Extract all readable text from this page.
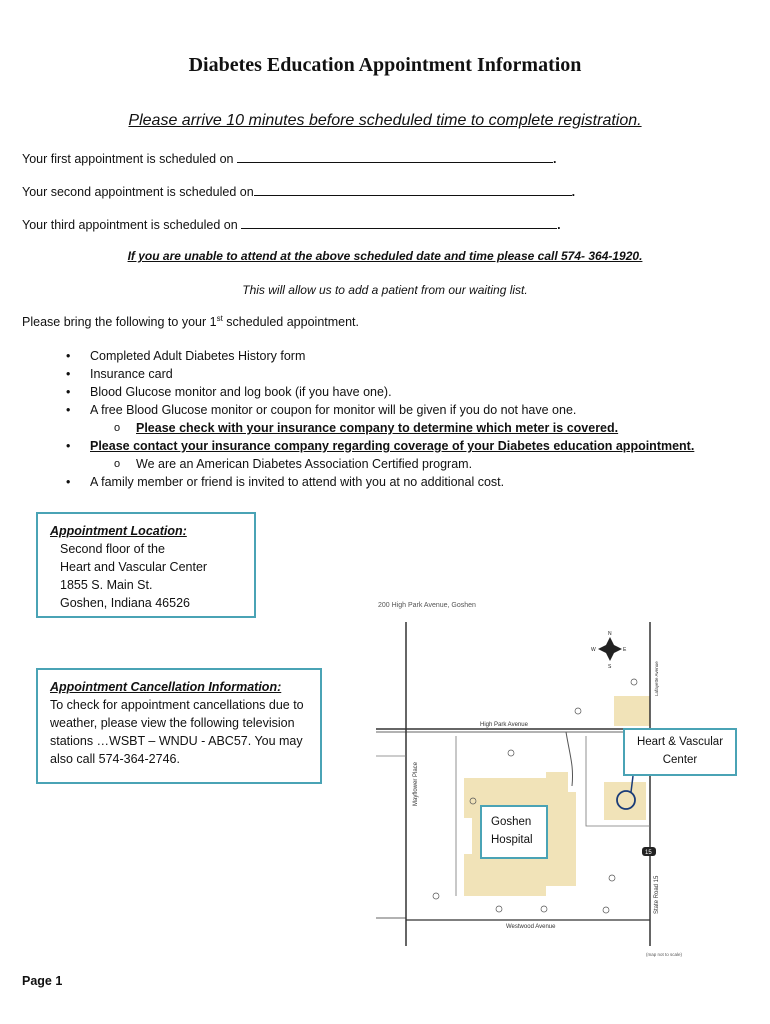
Diabetes Education Appointment Information
Please arrive 10 minutes before scheduled time to complete registration.
Your first appointment is scheduled on	.
Your second appointment is scheduled on	.
Your third appointment is scheduled on	.
If you are unable to attend at the above scheduled date and time please call 574- 364-1920.
This will allow us to add a patient from our waiting list.
Please bring the following to your 1st scheduled appointment.
•	Completed Adult Diabetes History form
•	Insurance card
•	Blood Glucose monitor and log book (if you have one).
•	A free Blood Glucose monitor or coupon for monitor will be given if you do not have one.
o	Please check with your insurance company to determine which meter is covered.
•	Please contact your insurance company regarding coverage of your Diabetes education appointment.
o	We are an American Diabetes Association Certified program.
•	A family member or friend is invited to attend with you at no additional cost.
Appointment Location:
Second floor of the
Heart and Vascular Center
1855 S. Main St.
Goshen, Indiana 46526
Appointment Cancellation Information:
To check for appointment cancellations due to
weather, please view the following television
stations …WSBT – WNDU - ABC57. You may
also call 574-364-2746.
200 High Park Avenue, Goshen
High Park Avenue
Westwood Avenue
Mayflower Place
State Road 15
Lafayette Avenue
(map not to scale)
15
N
S
E
W
Heart & Vascular
Center
Goshen
Hospital
Page 1
